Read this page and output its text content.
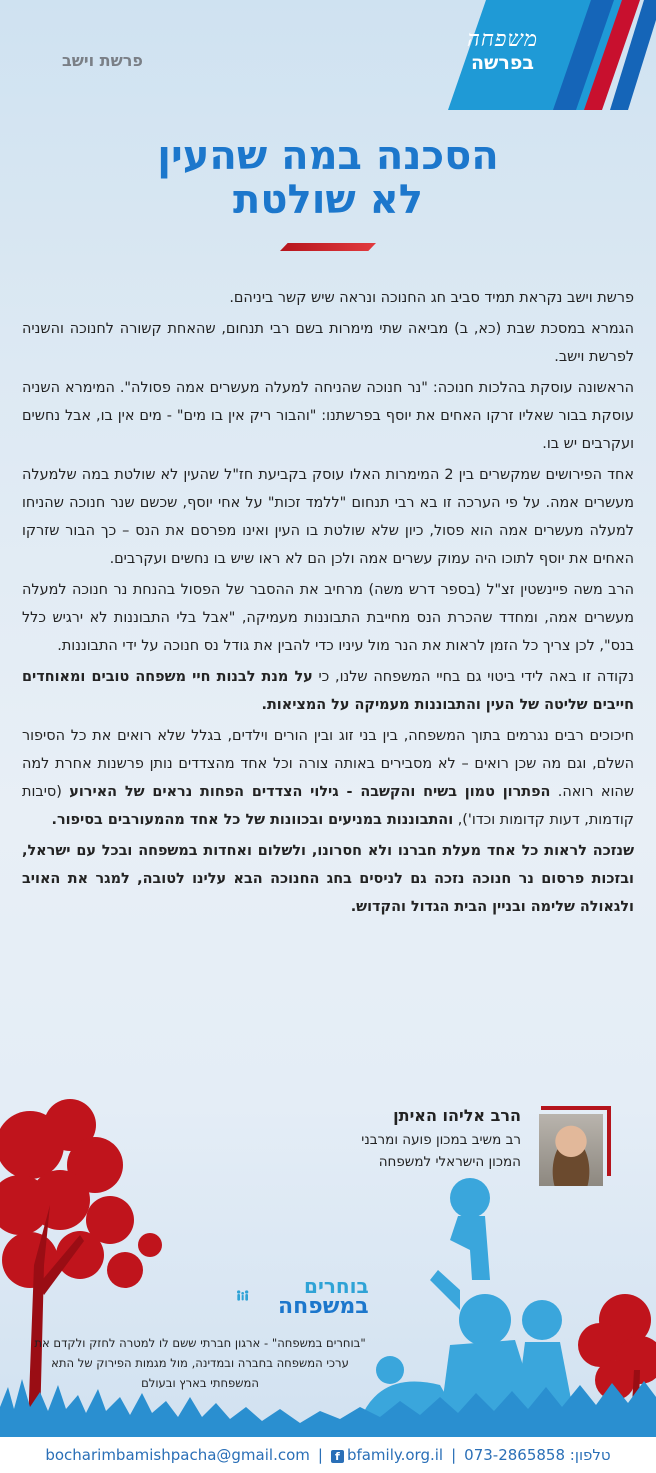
משפחה
בפרשה
פרשת וישב
הסכנה במה שהעין
לא שולטת

פרשת וישב נקראת תמיד סביב חג החנוכה ונראה שיש קשר ביניהם.

הגמרא במסכת שבת (כא, ב) מביאה שתי מימרות בשם רבי תנחום, שהאחת קשורה לחנוכה והשניה לפרשת וישב.

הראשונה עוסקת בהלכות חנוכה: "נר חנוכה שהניחה למעלה מעשרים אמה פסולה". המימרא השניה עוסקת בבור שאליו זרקו האחים את יוסף בפרשתנו: "והבור ריק אין בו מים" - מים אין בו, אבל נחשים ועקרבים יש בו.

אחד הפירושים שמקשרים בין 2 המימרות האלו עוסק בקביעת חז"ל שהעין לא שולטת במה שלמעלה מעשרים אמה. על פי הערכה זו בא רבי תנחום "ללמד זכות" על אחי יוסף, שכשם שנר חנוכה שהניחו למעלה מעשרים אמה הוא פסול, כיון שלא שולטת בו העין ואינו מפרסם את הנס – כך הבור שזרקו האחים את יוסף לתוכו היה עמוק עשרים אמה ולכן הם לא ראו שיש בו נחשים ועקרבים.

הרב משה פיינשטין זצ"ל (בספר דרש משה) מרחיב את ההסבר של הפסול בהנחת נר חנוכה למעלה מעשרים אמה, ומחדד שהכרת הנס מחייבת התבוננות מעמיקה, "אבל בלי התבוננות לא ירגיש כלל בנס", לכן צריך כל הזמן לראות את הנר מול עיניו כדי להבין את גודל נס חנוכה על ידי התבוננות.

נקודה זו באה לידי ביטוי גם בחיי המשפחה שלנו, כי על מנת לבנות חיי משפחה טובים ומאוחדים חייבים שליטה של העין והתבוננות מעמיקה על המציאות.

חיכוכים רבים נגרמים בתוך המשפחה, בין בני זוג ובין הורים וילדים, בגלל שלא רואים את כל הסיפור השלם, וגם מה שכן רואים – לא מסבירים באותה צורה וכל אחד מהצדדים נותן פרשנות אחרת למה שהוא רואה. הפתרון טמון בשיח והקשבה - גילוי הצדדים הפחות נראים של האירוע (סיבות קודמות, דעות קדומות וכדו'), והתבוננות במניעים ובכוונות של כל אחד מהמעורבים בסיפור.

שנזכה לראות כל אחד מעלת חברנו ולא חסרונו, ולשלום ואחדות במשפחה ובכל עם ישראל, ובזכות פרסום נר חנוכה נזכה גם לניסים בחג החנוכה הבא עלינו לטובה, למגר את האויב ולגאולה שלימה ובניין הבית הגדול והקדוש.

הרב אליהו האיתן
רב משיב במכון פועה ומרבני
המכון הישראלי למשפחה
בוחרים
במשפחה
"בוחרים במשפחה" - ארגון חברתי ששם לו למטרה לחזק ולקדם את ערכי המשפחה בחברה ובמדינה, מול מגמות הפירוק של התא המשפחתי בארץ ובעולם
bocharimbamishpacha@gmail.com |	f bfamily.org.il |	טלפון: 073-2865858
